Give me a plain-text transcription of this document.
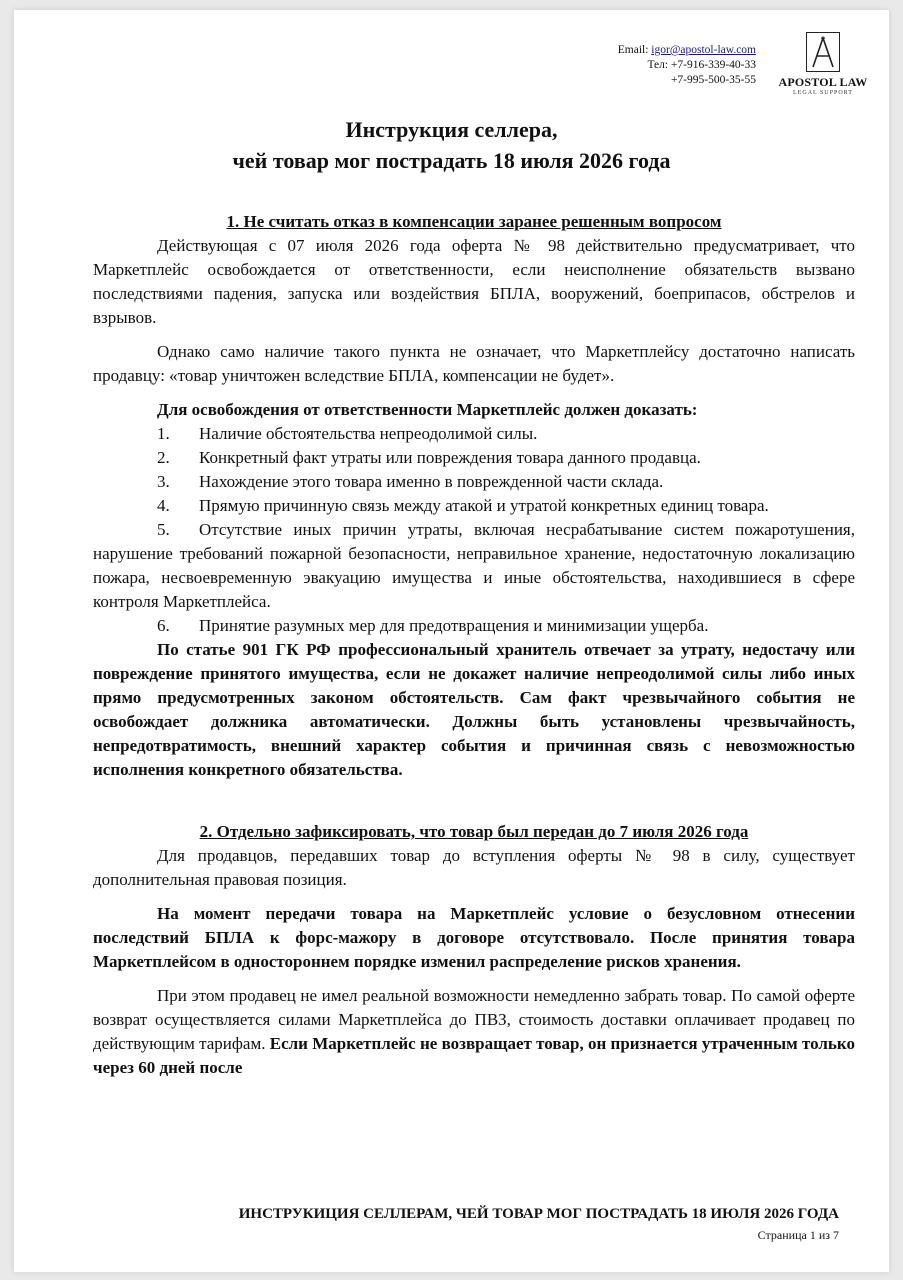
Email: igor@apostol-law.com
Тел: +7-916-339-40-33
+7-995-500-35-55	APOSTOL LAW
LEGAL SUPPORT
Инструкция селлера,
чей товар мог пострадать 18 июля 2026 года

1. Не считать отказ в компенсации заранее решенным вопросом

Действующая с 07 июля 2026 года оферта № 98 действительно предусматривает, что Маркетплейс освобождается от ответственности, если неисполнение обязательств вызвано последствиями падения, запуска или воздействия БПЛА, вооружений, боеприпасов, обстрелов и взрывов.

Однако само наличие такого пункта не означает, что Маркетплейсу достаточно написать продавцу: «товар уничтожен вследствие БПЛА, компенсации не будет».

Для освобождения от ответственности Маркетплейс должен доказать:

1. Наличие обстоятельства непреодолимой силы.
2. Конкретный факт утраты или повреждения товара данного продавца.
3. Нахождение этого товара именно в поврежденной части склада.
4. Прямую причинную связь между атакой и утратой конкретных единиц товара.
5. Отсутствие иных причин утраты, включая несрабатывание систем пожаротушения, нарушение требований пожарной безопасности, неправильное хранение, недостаточную локализацию пожара, несвоевременную эвакуацию имущества и иные обстоятельства, находившиеся в сфере контроля Маркетплейса.
6. Принятие разумных мер для предотвращения и минимизации ущерба.

По статье 901 ГК РФ профессиональный хранитель отвечает за утрату, недостачу или повреждение принятого имущества, если не докажет наличие непреодолимой силы либо иных прямо предусмотренных законом обстоятельств. Сам факт чрезвычайного события не освобождает должника автоматически. Должны быть установлены чрезвычайность, непредотвратимость, внешний характер события и причинная связь с невозможностью исполнения конкретного обязательства.

2. Отдельно зафиксировать, что товар был передан до 7 июля 2026 года

Для продавцов, передавших товар до вступления оферты № 98 в силу, существует дополнительная правовая позиция.

На момент передачи товара на Маркетплейс условие о безусловном отнесении последствий БПЛА к форс-мажору в договоре отсутствовало. После принятия товара Маркетплейсом в одностороннем порядке изменил распределение рисков хранения.

При этом продавец не имел реальной возможности немедленно забрать товар. По самой оферте возврат осуществляется силами Маркетплейса до ПВЗ, стоимость доставки оплачивает продавец по действующим тарифам. Если Маркетплейс не возвращает товар, он признается утраченным только через 60 дней после

ИНСТРУКИЦИЯ СЕЛЛЕРАМ, ЧЕЙ ТОВАР МОГ ПОСТРАДАТЬ 18 ИЮЛЯ 2026 ГОДА
Страница 1 из 7
